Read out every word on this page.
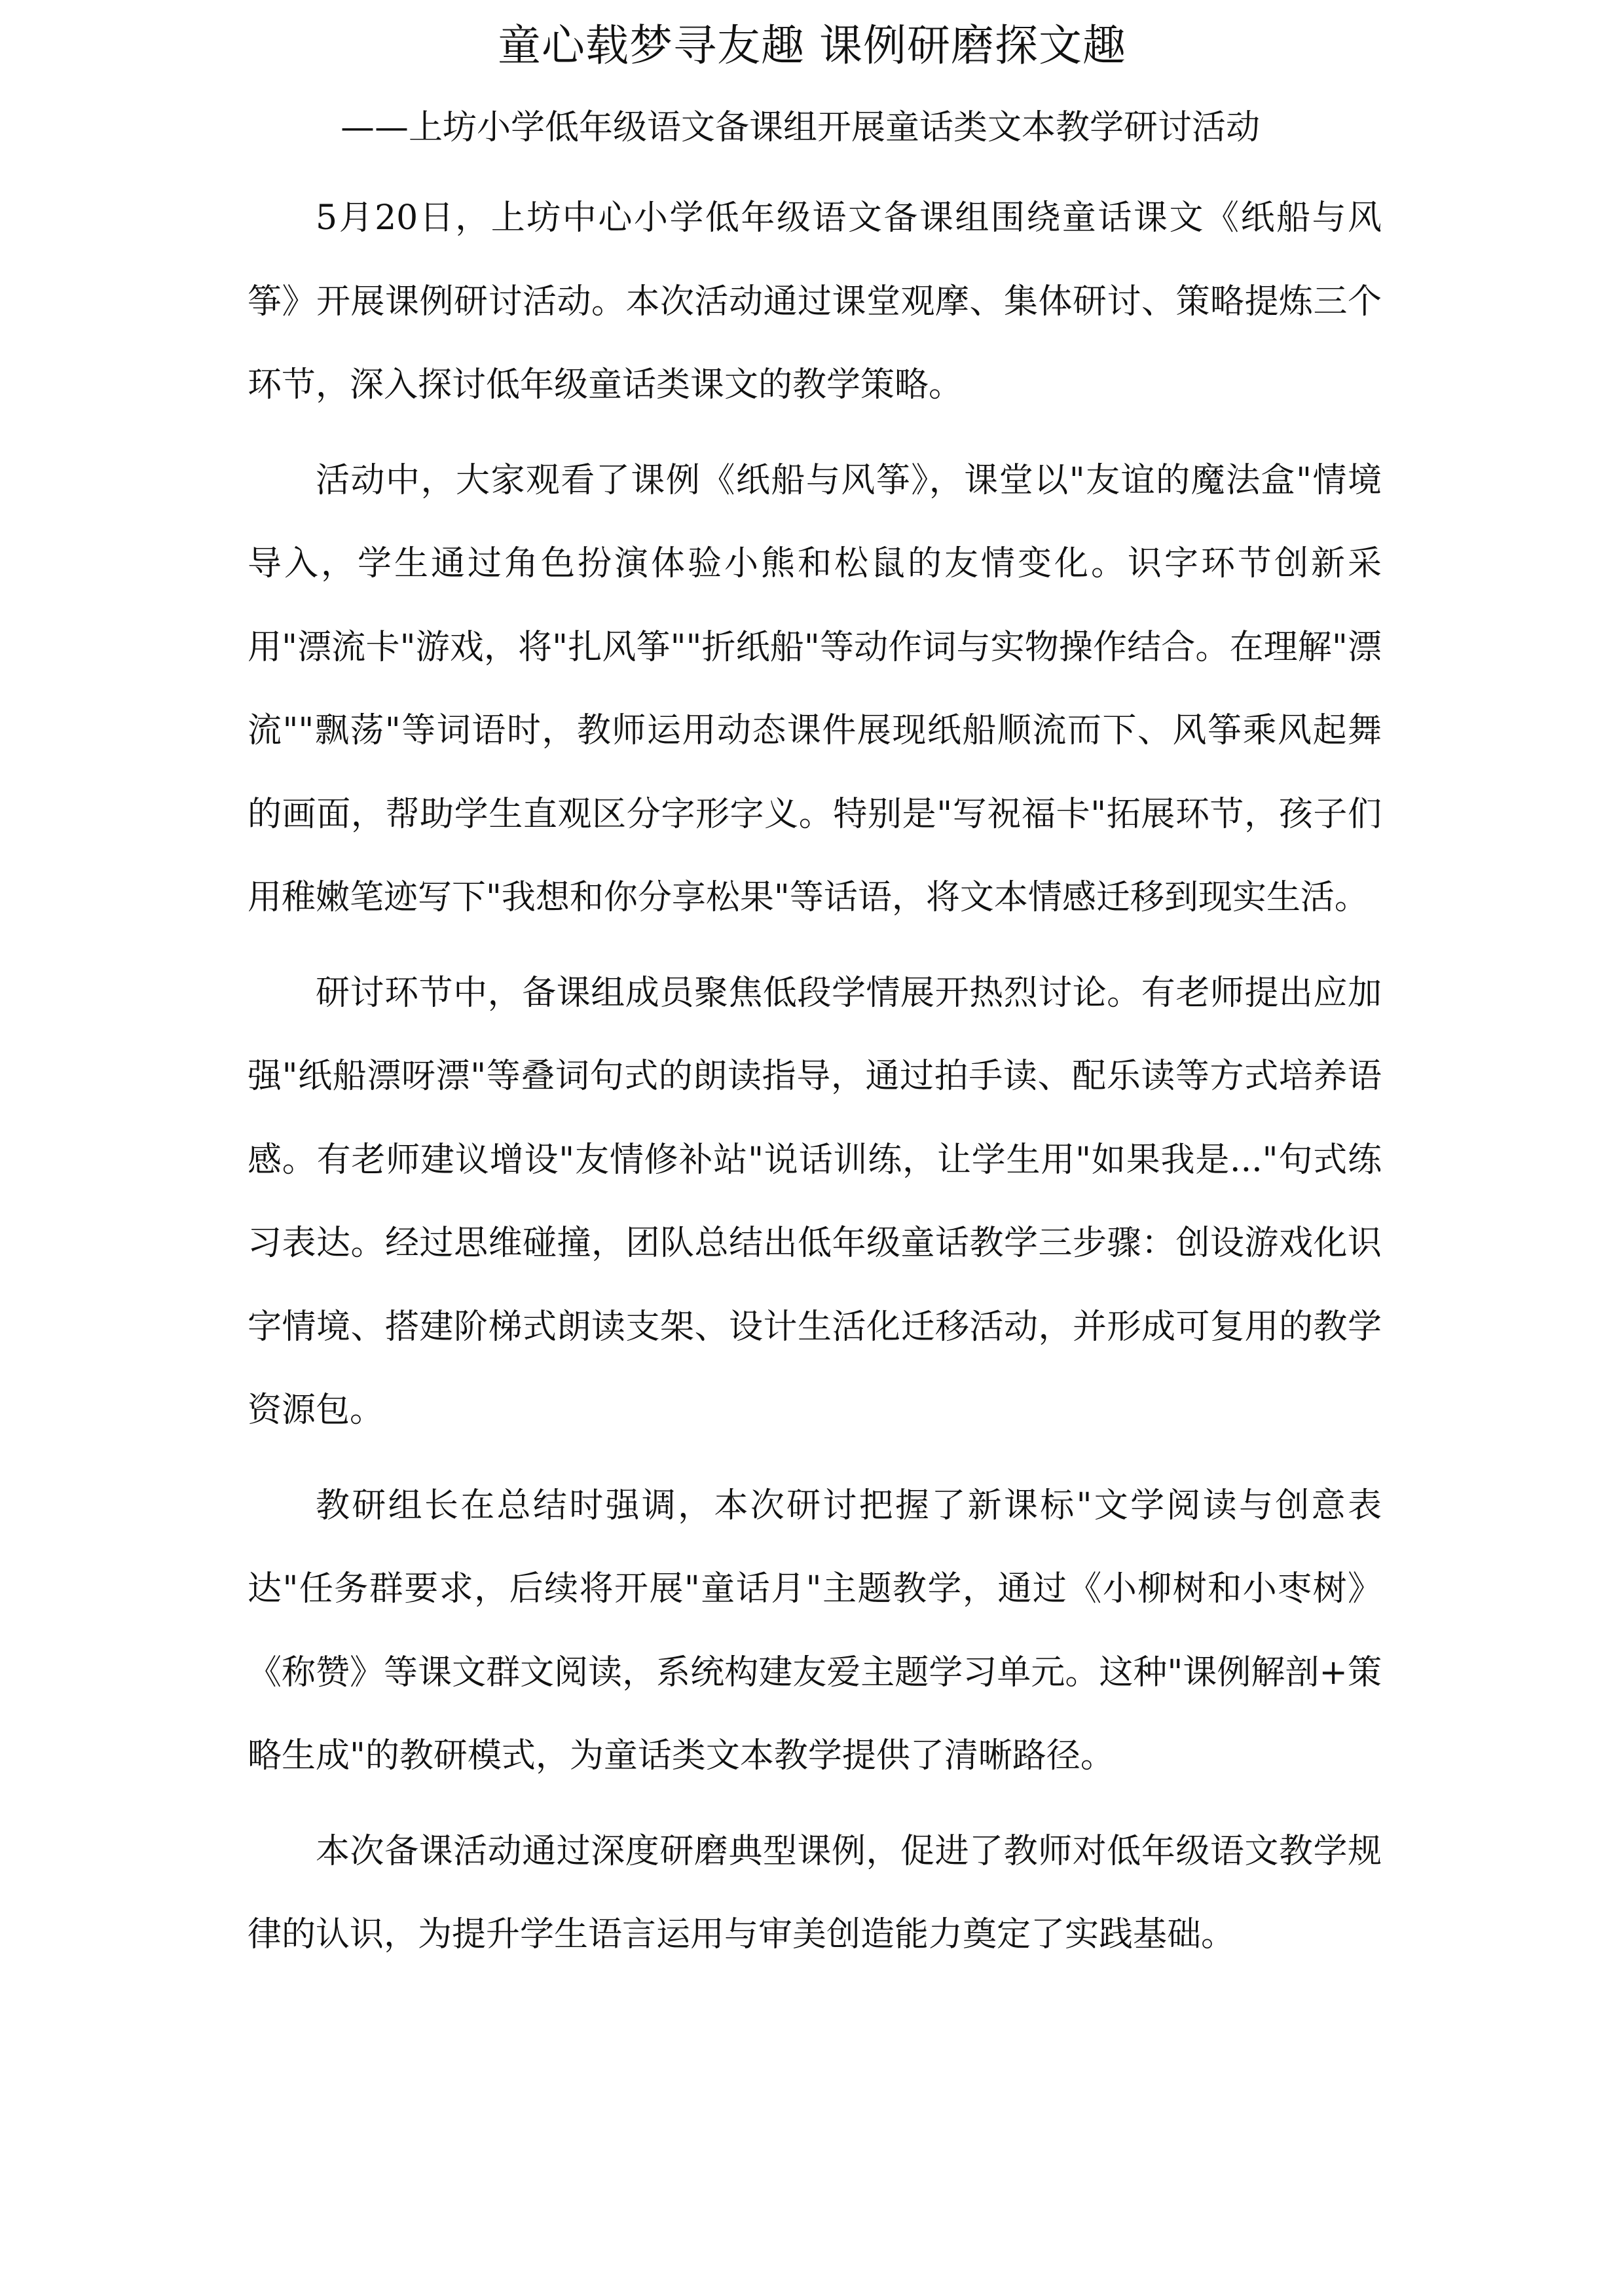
童心载梦寻友趣 课例研磨探文趣
——上坊小学低年级语文备课组开展童话类文本教学研讨活动

5月20日，上坊中心小学低年级语文备课组围绕童话课文《纸船与风筝》开展课例研讨活动。本次活动通过课堂观摩、集体研讨、策略提炼三个环节，深入探讨低年级童话类课文的教学策略。

活动中，大家观看了课例《纸船与风筝》，课堂以"友谊的魔法盒"情境导入，学生通过角色扮演体验小熊和松鼠的友情变化。识字环节创新采用"漂流卡"游戏，将"扎风筝""折纸船"等动作词与实物操作结合。在理解"漂流""飘荡"等词语时，教师运用动态课件展现纸船顺流而下、风筝乘风起舞的画面，帮助学生直观区分字形字义。特别是"写祝福卡"拓展环节，孩子们用稚嫩笔迹写下"我想和你分享松果"等话语，将文本情感迁移到现实生活。

研讨环节中，备课组成员聚焦低段学情展开热烈讨论。有老师提出应加强"纸船漂呀漂"等叠词句式的朗读指导，通过拍手读、配乐读等方式培养语感。有老师建议增设"友情修补站"说话训练，让学生用"如果我是..."句式练习表达。经过思维碰撞，团队总结出低年级童话教学三步骤：创设游戏化识字情境、搭建阶梯式朗读支架、设计生活化迁移活动，并形成可复用的教学资源包。

教研组长在总结时强调，本次研讨把握了新课标"文学阅读与创意表达"任务群要求，后续将开展"童话月"主题教学，通过《小柳树和小枣树》《称赞》等课文群文阅读，系统构建友爱主题学习单元。这种"课例解剖+策略生成"的教研模式，为童话类文本教学提供了清晰路径。

本次备课活动通过深度研磨典型课例，促进了教师对低年级语文教学规律的认识，为提升学生语言运用与审美创造能力奠定了实践基础。
